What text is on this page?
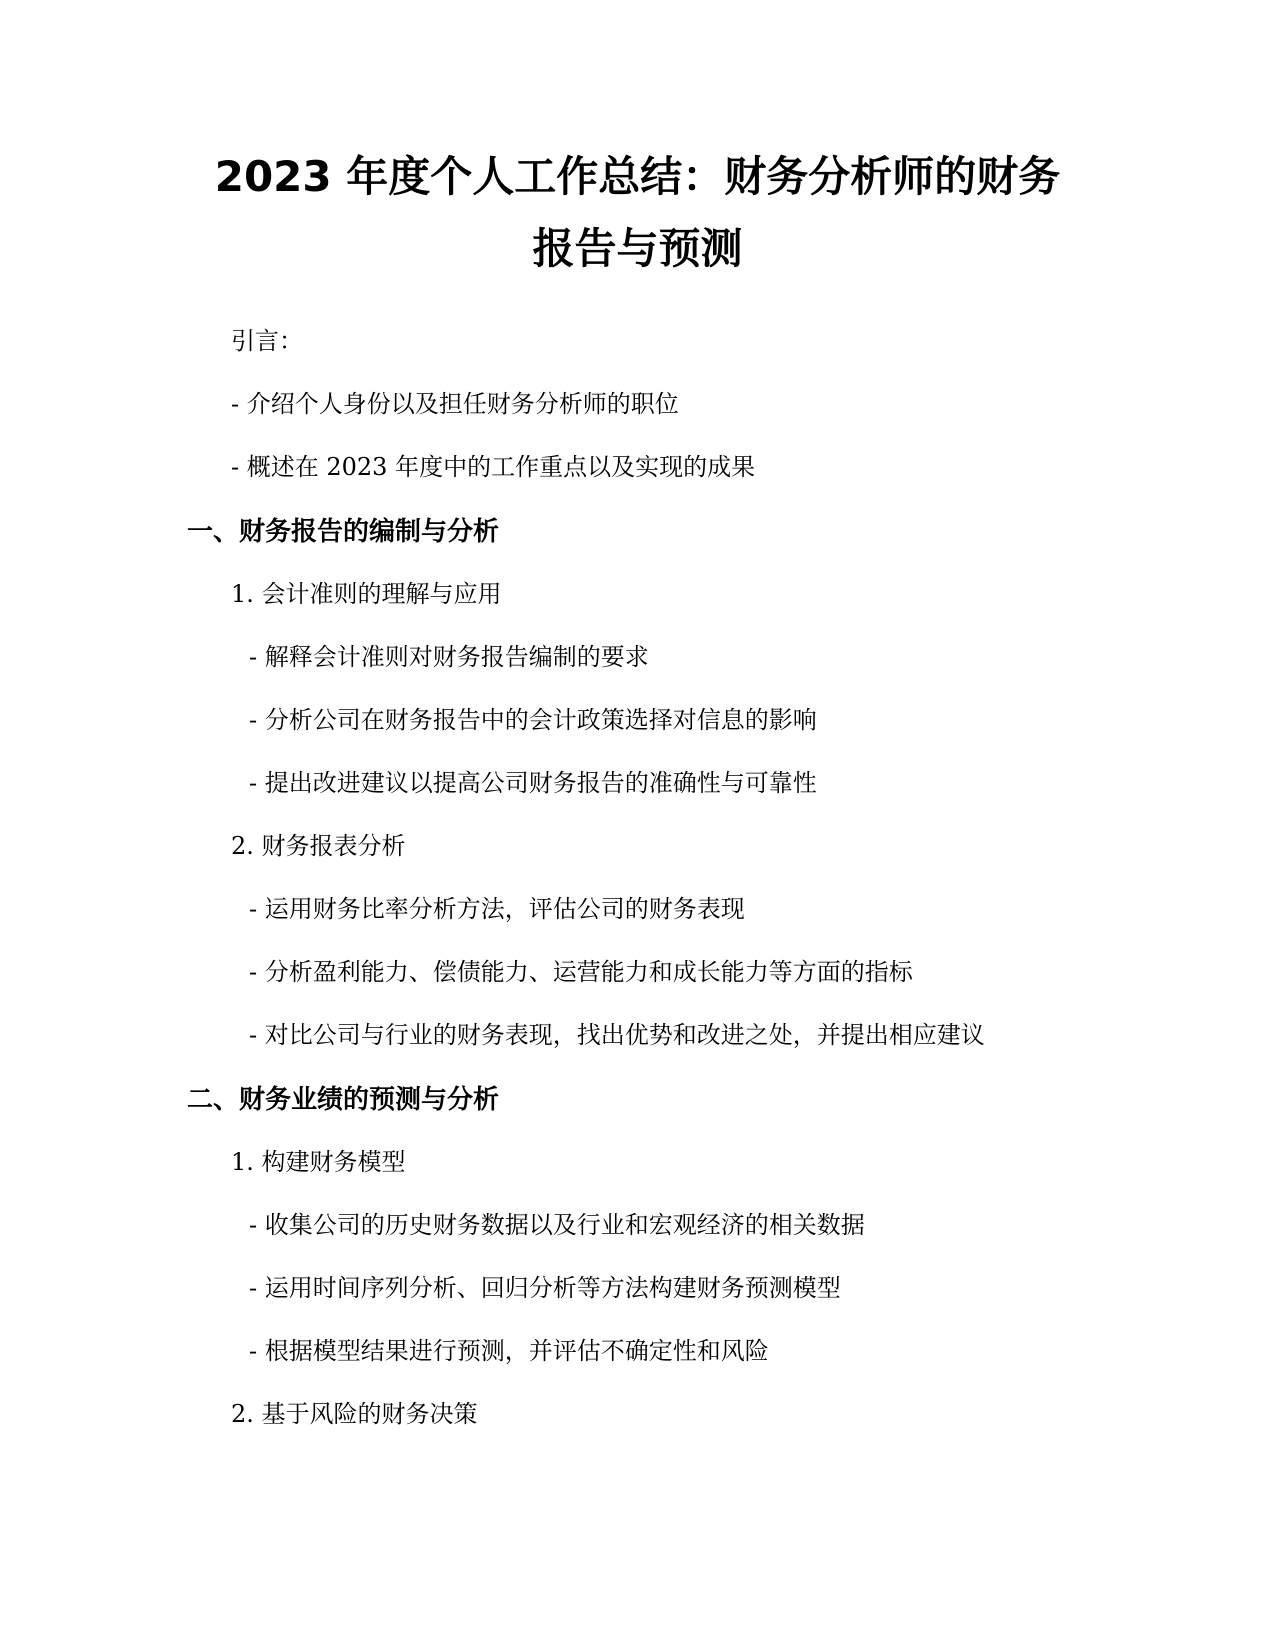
2023 年度个人工作总结：财务分析师的财务
报告与预测

引言：

- 介绍个人身份以及担任财务分析师的职位

- 概述在 2023 年度中的工作重点以及实现的成果

一、财务报告的编制与分析

1. 会计准则的理解与应用

- 解释会计准则对财务报告编制的要求

- 分析公司在财务报告中的会计政策选择对信息的影响

- 提出改进建议以提高公司财务报告的准确性与可靠性

2. 财务报表分析

- 运用财务比率分析方法，评估公司的财务表现

- 分析盈利能力、偿债能力、运营能力和成长能力等方面的指标

- 对比公司与行业的财务表现，找出优势和改进之处，并提出相应建议

二、财务业绩的预测与分析

1. 构建财务模型

- 收集公司的历史财务数据以及行业和宏观经济的相关数据

- 运用时间序列分析、回归分析等方法构建财务预测模型

- 根据模型结果进行预测，并评估不确定性和风险

2. 基于风险的财务决策
